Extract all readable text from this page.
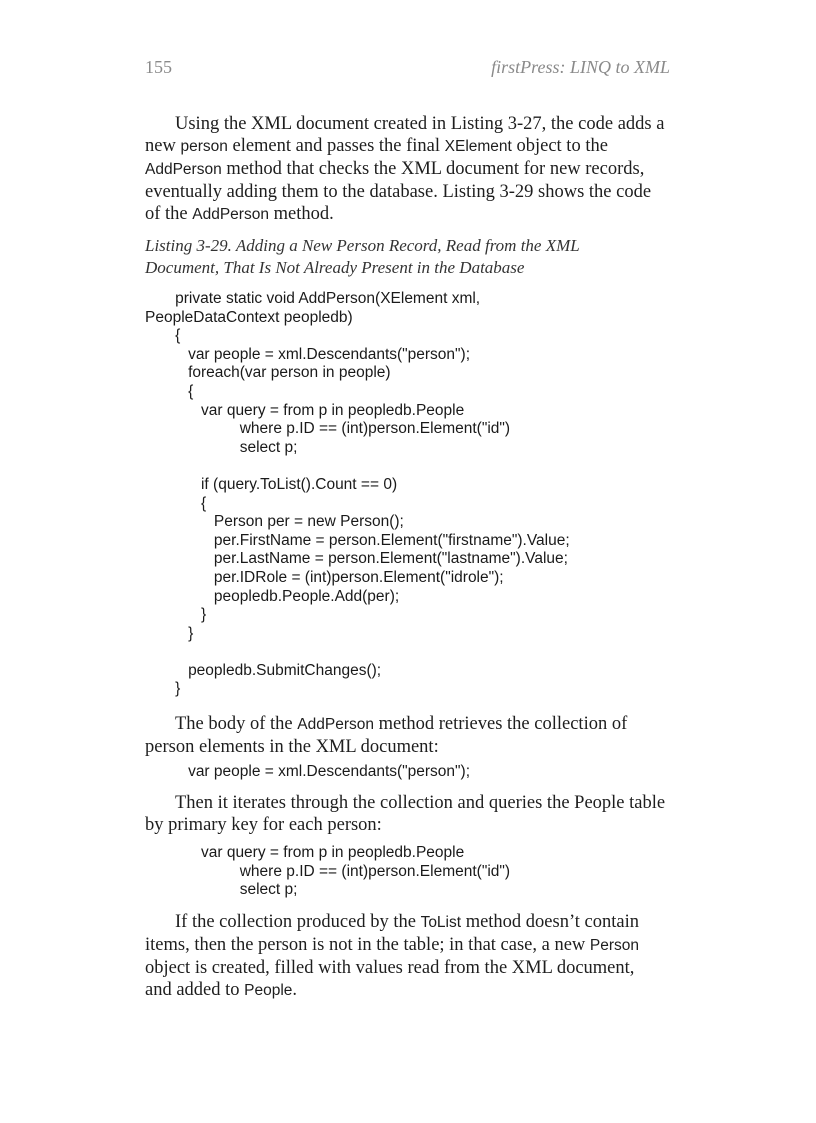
155	firstPress: LINQ to XML
Using the XML document created in Listing 3-27, the code adds a
new person element and passes the final XElement object to the
AddPerson method that checks the XML document for new records,
eventually adding them to the database. Listing 3-29 shows the code
of the AddPerson method.
Listing 3-29. Adding a New Person Record, Read from the XML
Document, That Is Not Already Present in the Database
private static void AddPerson(XElement xml,
PeopleDataContext peopledb)
{
var people = xml.Descendants("person");
foreach(var person in people)
{
var query = from p in peopledb.People
where p.ID == (int)person.Element("id")
select p;
if (query.ToList().Count == 0)
{
Person per = new Person();
per.FirstName = person.Element("firstname").Value;
per.LastName = person.Element("lastname").Value;
per.IDRole = (int)person.Element("idrole");
peopledb.People.Add(per);
}
}
peopledb.SubmitChanges();
}
The body of the AddPerson method retrieves the collection of
person elements in the XML document:
var people = xml.Descendants("person");
Then it iterates through the collection and queries the People table
by primary key for each person:
var query = from p in peopledb.People
where p.ID == (int)person.Element("id")
select p;
If the collection produced by the ToList method doesn’t contain
items, then the person is not in the table; in that case, a new Person
object is created, filled with values read from the XML document,
and added to People.
